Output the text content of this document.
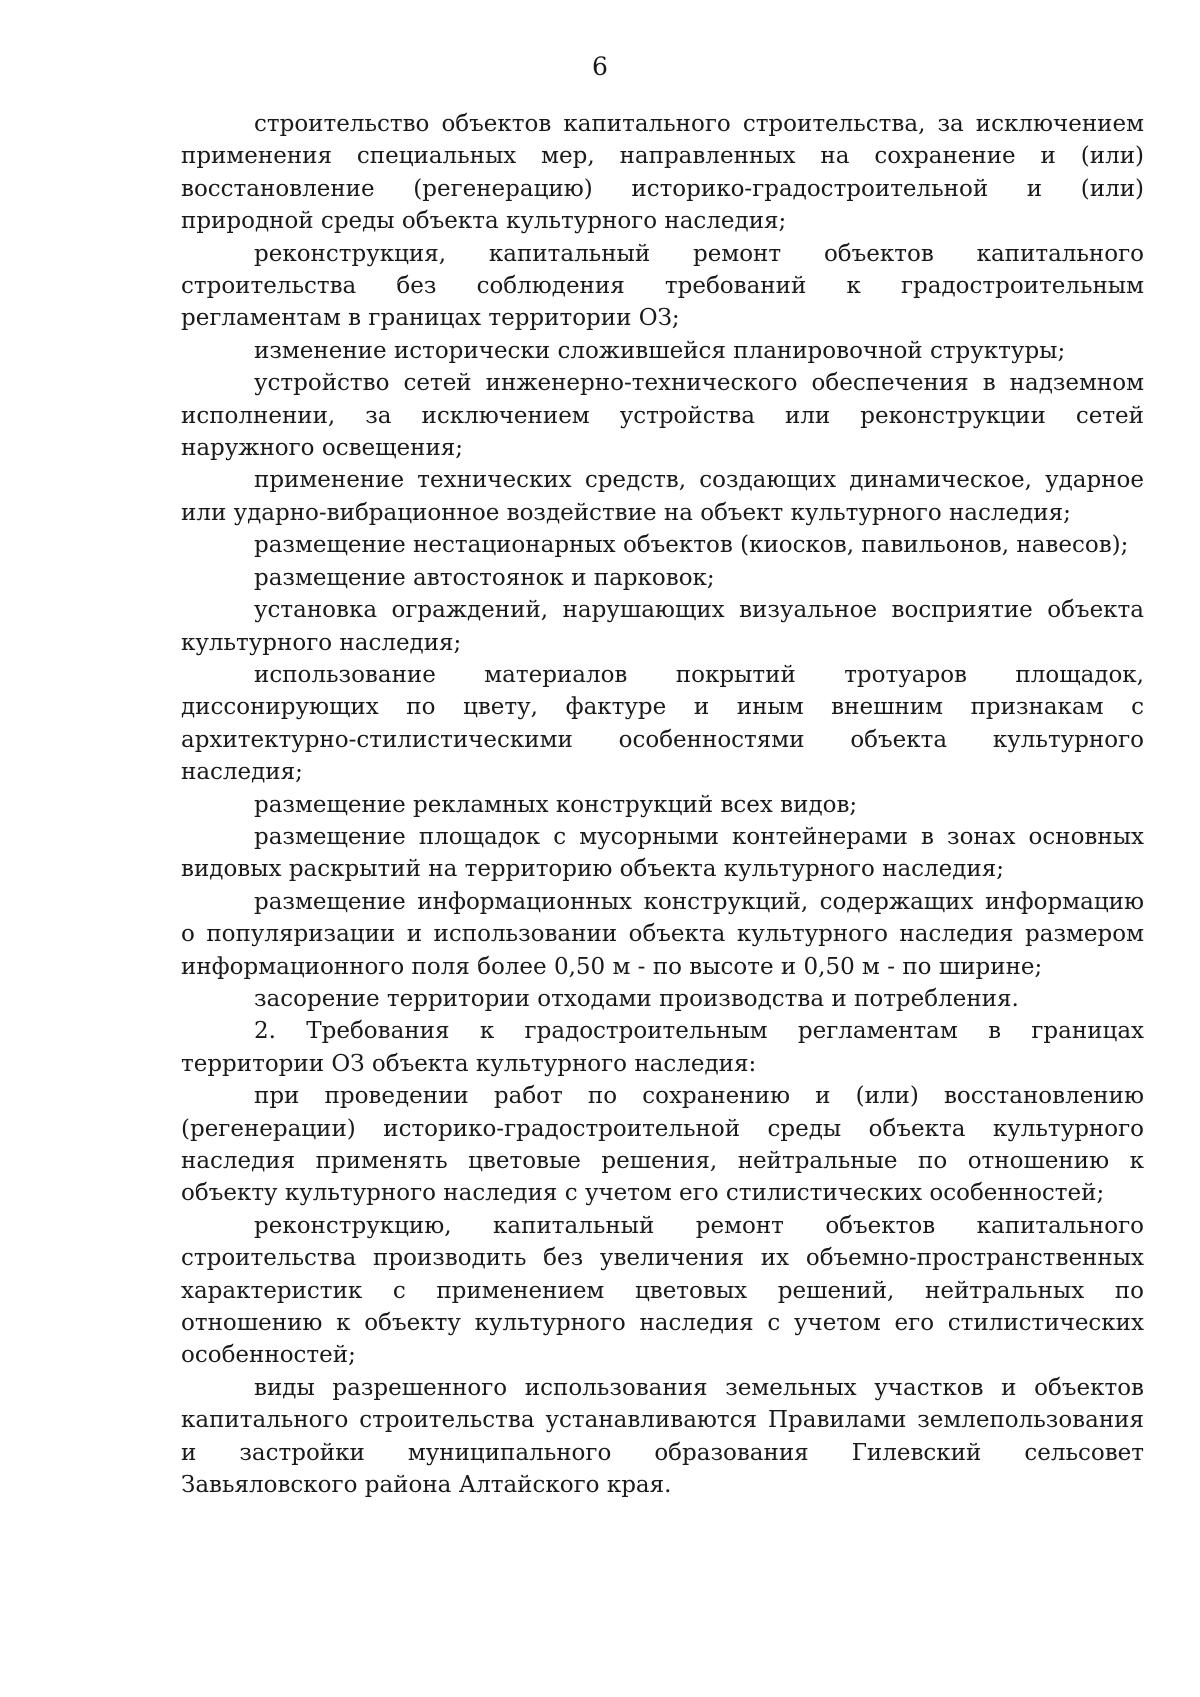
6

строительство объектов капитального строительства, за исключением применения специальных мер, направленных на сохранение и (или) восстановление (регенерацию) историко-градостроительной и (или) природной среды объекта культурного наследия;

реконструкция, капитальный ремонт объектов капитального строительства без соблюдения требований к градостроительным регламентам в границах территории ОЗ;

изменение исторически сложившейся планировочной структуры;

устройство сетей инженерно-технического обеспечения в надземном исполнении, за исключением устройства или реконструкции сетей наружного освещения;

применение технических средств, создающих динамическое, ударное или ударно-вибрационное воздействие на объект культурного наследия;

размещение нестационарных объектов (киосков, павильонов, навесов);

размещение автостоянок и парковок;

установка ограждений, нарушающих визуальное восприятие объекта культурного наследия;

использование материалов покрытий тротуаров площадок, диссонирующих по цвету, фактуре и иным внешним признакам с архитектурно-стилистическими особенностями объекта культурного наследия;

размещение рекламных конструкций всех видов;

размещение площадок с мусорными контейнерами в зонах основных видовых раскрытий на территорию объекта культурного наследия;

размещение информационных конструкций, содержащих информацию о популяризации и использовании объекта культурного наследия размером информационного поля более 0,50 м - по высоте и 0,50 м - по ширине;

засорение территории отходами производства и потребления.

2. Требования к градостроительным регламентам в границах территории ОЗ объекта культурного наследия:

при проведении работ по сохранению и (или) восстановлению (регенерации) историко-градостроительной среды объекта культурного наследия применять цветовые решения, нейтральные по отношению к объекту культурного наследия с учетом его стилистических особенностей;

реконструкцию, капитальный ремонт объектов капитального строительства производить без увеличения их объемно-пространственных характеристик с применением цветовых решений, нейтральных по отношению к объекту культурного наследия с учетом его стилистических особенностей;

виды разрешенного использования земельных участков и объектов капитального строительства устанавливаются Правилами землепользования и застройки муниципального образования Гилевский сельсовет Завьяловского района Алтайского края.
